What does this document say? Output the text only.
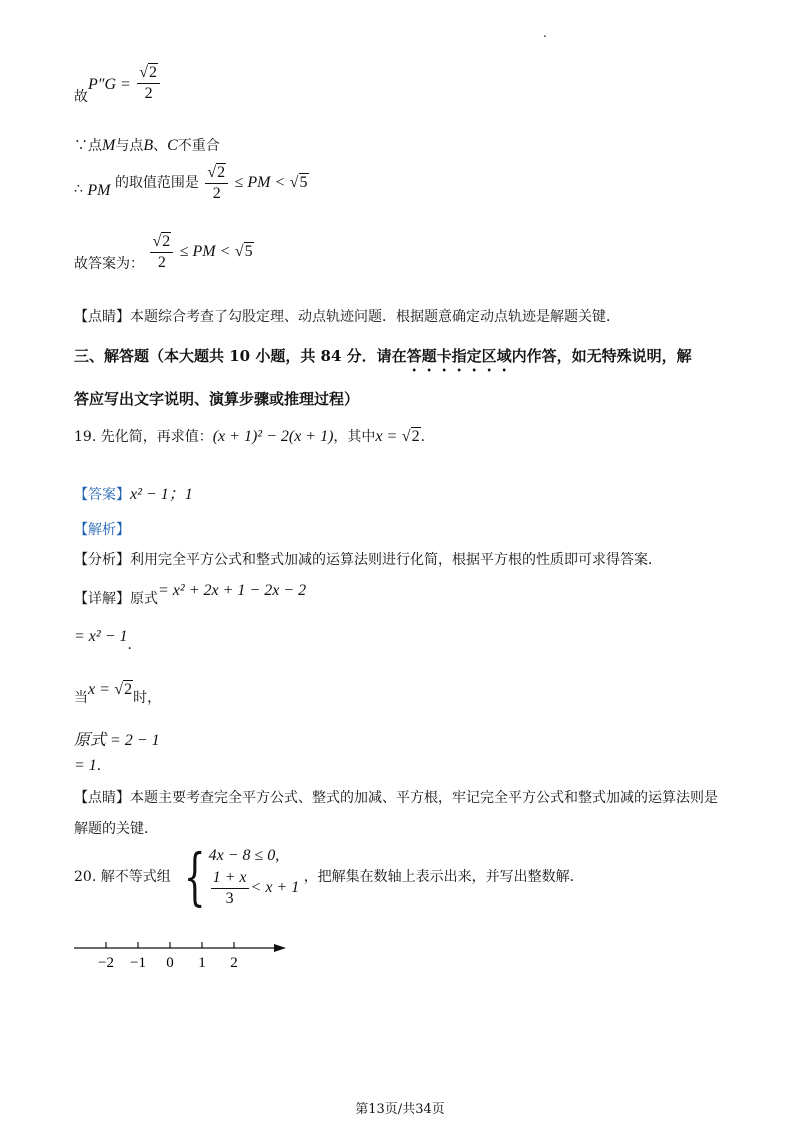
.
故$P''G = \frac{√2}{2}$
∵点M与点B、C不重合
∴ PM 的取值范围是 $\frac{√2}{2}$ ≤ PM < √5
故答案为： $\frac{√2}{2}$ ≤ PM < √5
【点睛】本题综合考查了勾股定理、动点轨迹问题．根据题意确定动点轨迹是解题关键．
三、解答题（本大题共 10 小题，共 84 分．请在答题卡指定区域内作答，如无特殊说明，解
答应写出文字说明、演算步骤或推理过程）
19. 先化简，再求值：(x + 1)² − 2(x + 1)，其中x = √2．
【答案】x² − 1；1
【解析】
【分析】利用完全平方公式和整式加减的运算法则进行化简，根据平方根的性质即可求得答案．
【详解】原式= x² + 2x + 1 − 2x − 2
= x² − 1．
当x = √2时，
原式 = 2 − 1
= 1．
【点睛】本题主要考查完全平方公式、整式的加减、平方根，牢记完全平方公式和整式加减的运算法则是
解题的关键．
20. 解不等式组 { 4x − 8 ≤ 0,
$\frac{1 + x}{3} < x + 1$
，把解集在数轴上表示出来，并写出整数解．
−2 −1 0 1 2
第13页/共34页
